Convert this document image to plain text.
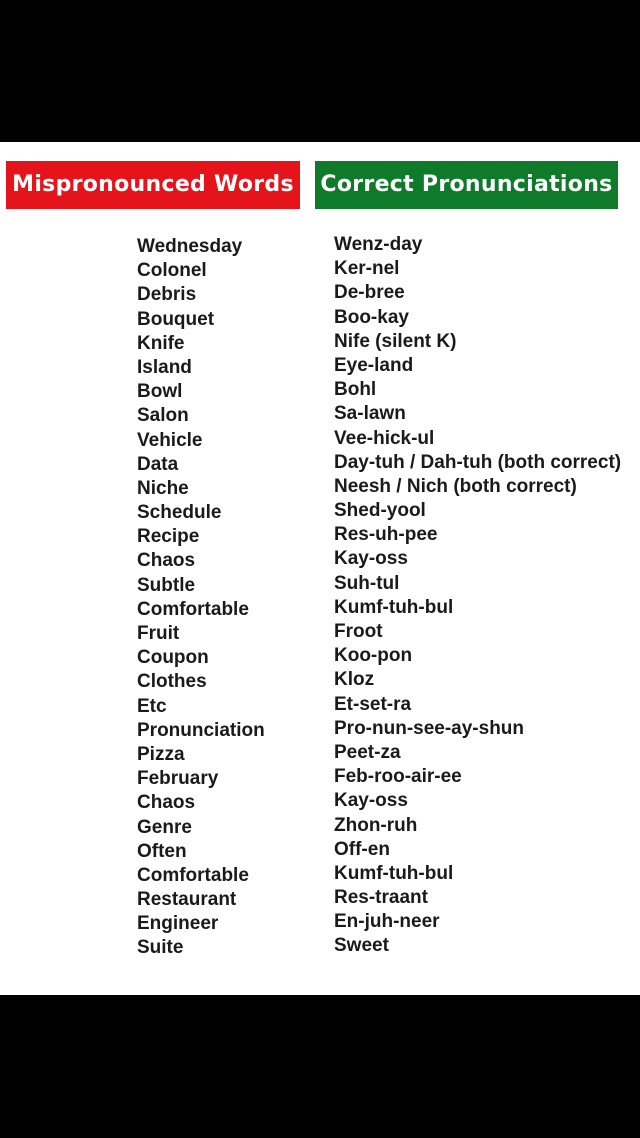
Mispronounced Words Correct Pronunciations
Wednesday
Colonel
Debris
Bouquet
Knife
Island
Bowl
Salon
Vehicle
Data
Niche
Schedule
Recipe
Chaos
Subtle
Comfortable
Fruit
Coupon
Clothes
Etc
Pronunciation
Pizza
February
Chaos
Genre
Often
Comfortable
Restaurant
Engineer
Suite
Wenz-day
Ker-nel
De-bree
Boo-kay
Nife (silent K)
Eye-land
Bohl
Sa-lawn
Vee-hick-ul
Day-tuh / Dah-tuh (both correct)
Neesh / Nich (both correct)
Shed-yool
Res-uh-pee
Kay-oss
Suh-tul
Kumf-tuh-bul
Froot
Koo-pon
Kloz
Et-set-ra
Pro-nun-see-ay-shun
Peet-za
Feb-roo-air-ee
Kay-oss
Zhon-ruh
Off-en
Kumf-tuh-bul
Res-traant
En-juh-neer
Sweet
